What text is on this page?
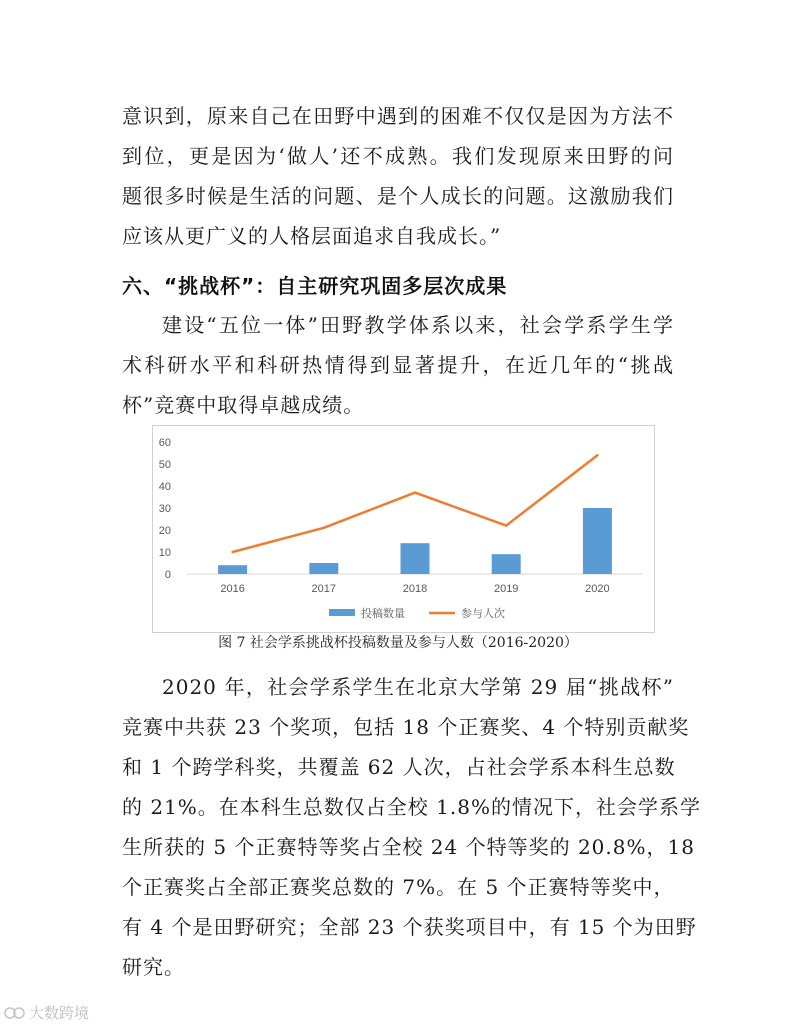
意识到，原来自己在田野中遇到的困难不仅仅是因为方法不
到位，更是因为‘做人’还不成熟。我们发现原来田野的问
题很多时候是生活的问题、是个人成长的问题。这激励我们
应该从更广义的人格层面追求自我成长。”
六、“挑战杯”：自主研究巩固多层次成果
建设“五位一体”田野教学体系以来，社会学系学生学
术科研水平和科研热情得到显著提升，在近几年的“挑战
杯”竞赛中取得卓越成绩。
0
10
20
30
40
50
60
2016	2017	2018	2019	2020
投稿数量	参与人次
图 7 社会学系挑战杯投稿数量及参与人数（2016-2020）
2020 年，社会学系学生在北京大学第 29 届“挑战杯”
竞赛中共获 23 个奖项，包括 18 个正赛奖、4 个特别贡献奖
和 1 个跨学科奖，共覆盖 62 人次，占社会学系本科生总数
的 21%。在本科生总数仅占全校 1.8%的情况下，社会学系学
生所获的 5 个正赛特等奖占全校 24 个特等奖的 20.8%，18
个正赛奖占全部正赛奖总数的 7%。在 5 个正赛特等奖中，
有 4 个是田野研究；全部 23 个获奖项目中，有 15 个为田野
研究。
大数跨境
